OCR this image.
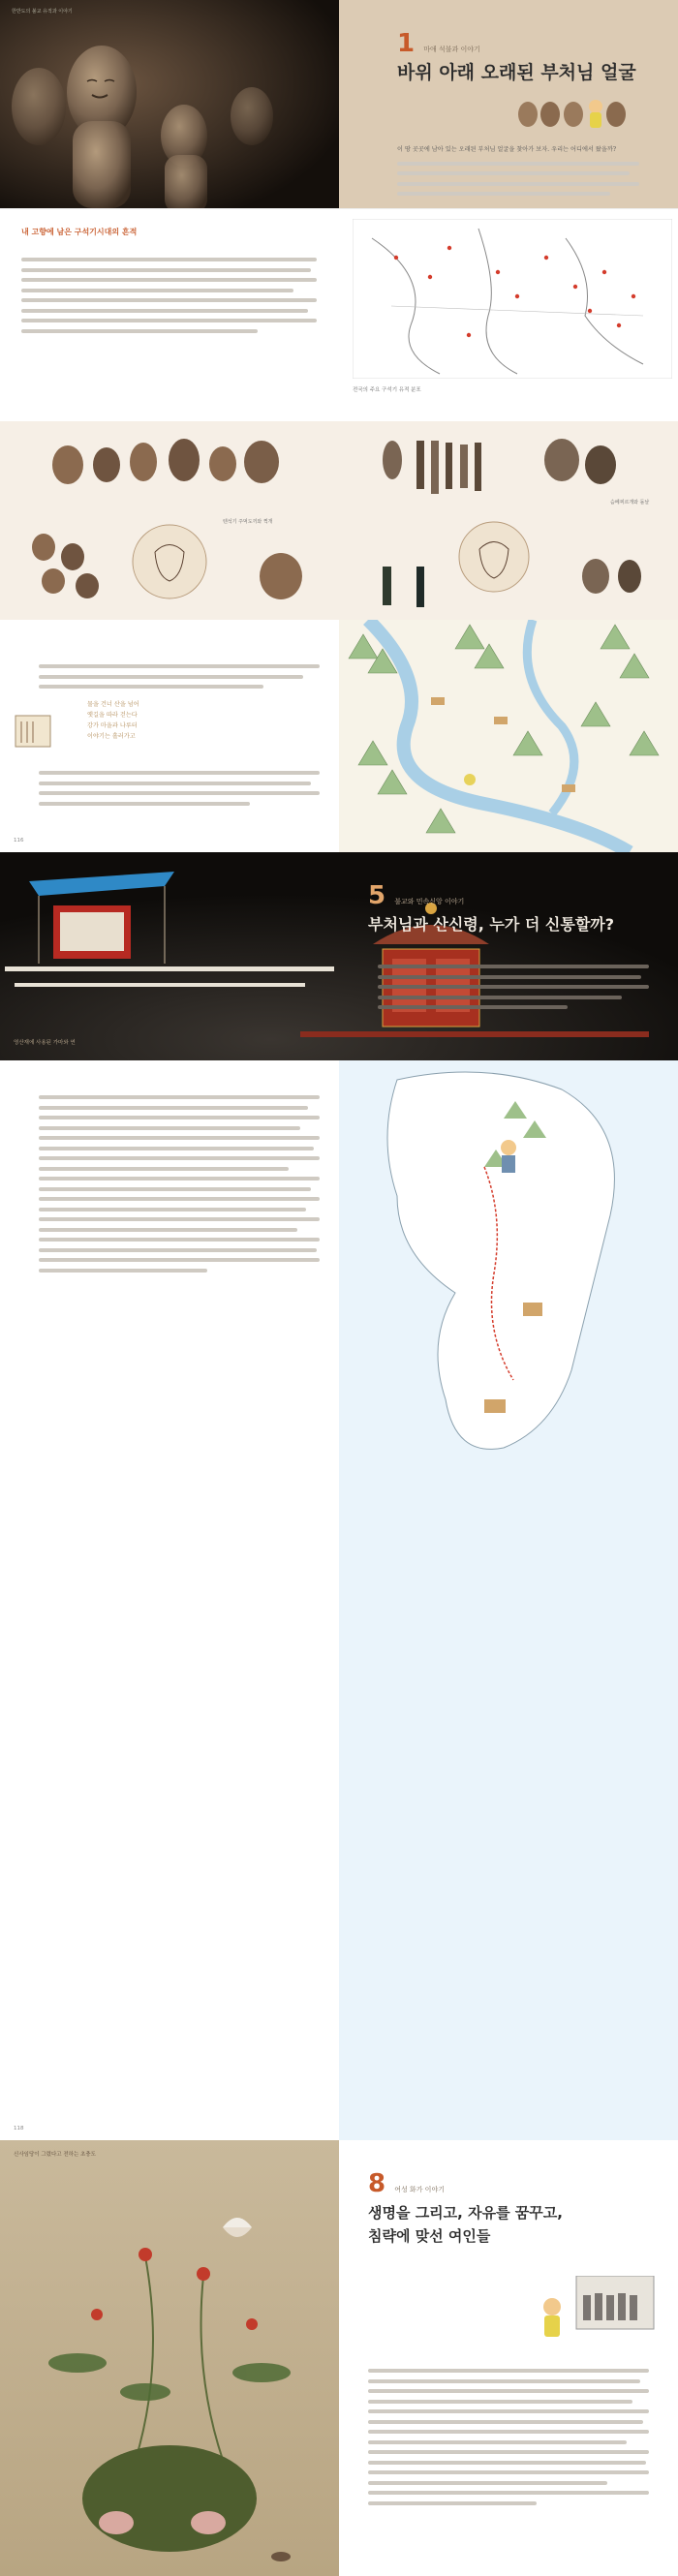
한반도의 불교 유적과 이야기
1 마애 석불과 이야기
바위 아래 오래된 부처님 얼굴
이 땅 곳곳에 남아 있는 오래된 부처님 얼굴을 찾아가 보자. 우리는 어디에서 왔을까?
내 고향에 남은 구석기시대의 흔적
전국의 주요 구석기 유적 분포
뗀석기 주먹도끼와 찍개
슴베찌르개와 돌날
물을 건너 산을 넘어
옛길을 따라 걷는다
강가 마을과 나루터
이야기는 흘러가고
116
5 불교와 민속신앙 이야기
부처님과 산신령, 누가 더 신통할까?
영산재에 사용된 가마와 연
118
신사임당이 그렸다고 전하는 초충도
8 여성 화가 이야기
생명을 그리고, 자유를 꿈꾸고,
침략에 맞선 여인들
